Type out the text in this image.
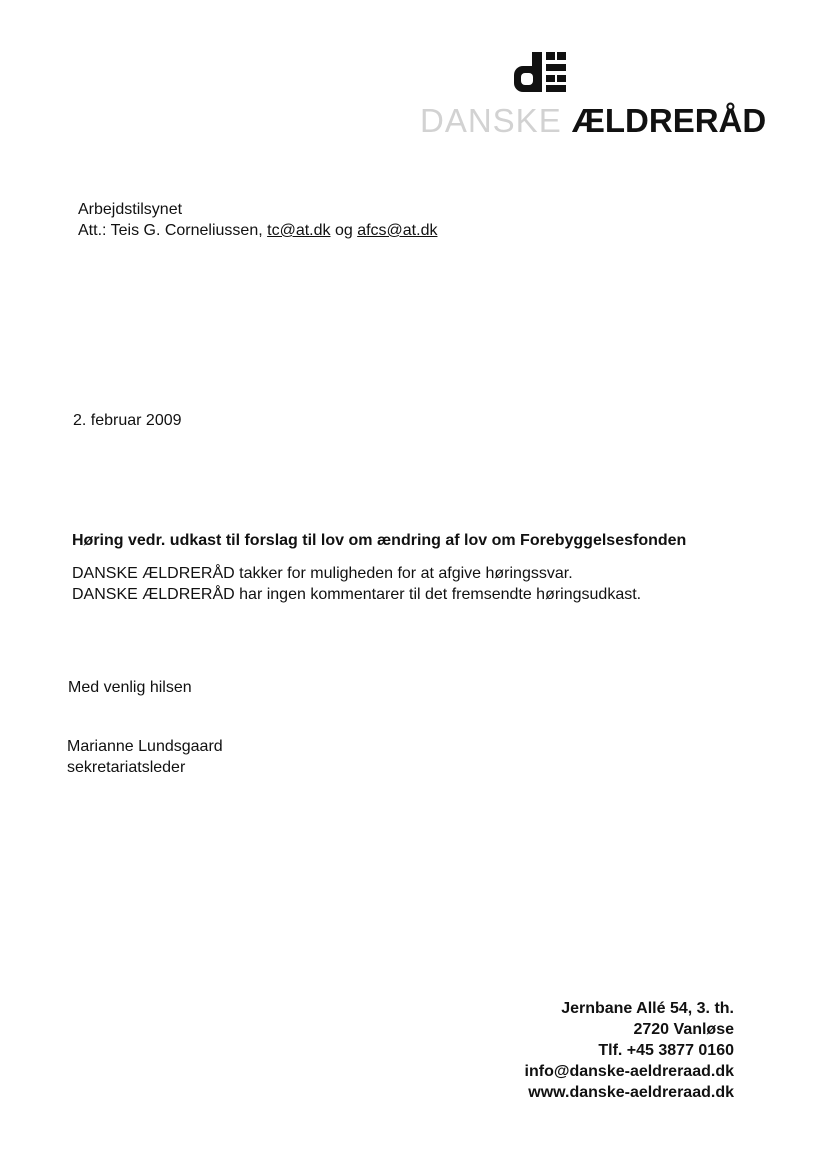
DANSKE ÆLDRERÅD
Arbejdstilsynet
Att.: Teis G. Corneliussen, tc@at.dk og afcs@at.dk
2. februar 2009
Høring vedr. udkast til forslag til lov om ændring af lov om Forebyggelsesfonden
DANSKE ÆLDRERÅD takker for muligheden for at afgive høringssvar.
DANSKE ÆLDRERÅD har ingen kommentarer til det fremsendte høringsudkast.
Med venlig hilsen
Marianne Lundsgaard
sekretariatsleder
Jernbane Allé 54, 3. th.
2720 Vanløse
Tlf. +45 3877 0160
info@danske-aeldreraad.dk
www.danske-aeldreraad.dk
